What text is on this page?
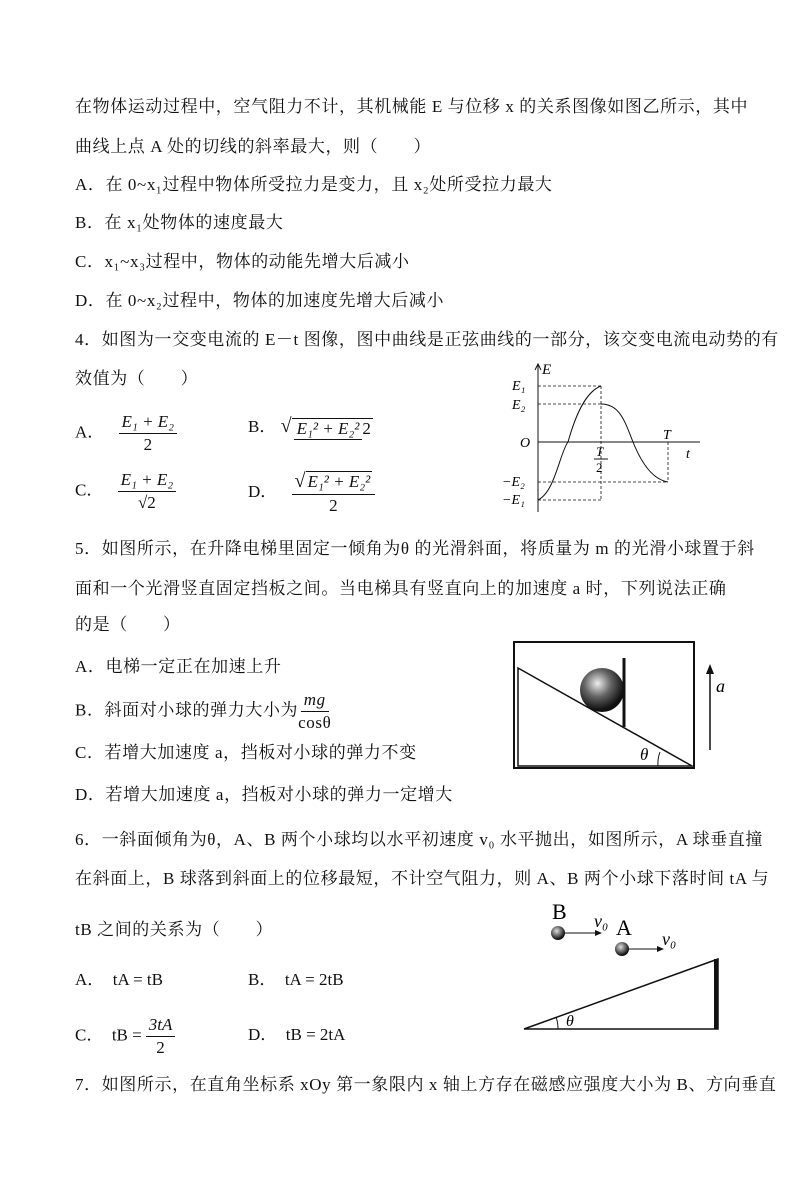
在物体运动过程中，空气阻力不计，其机械能 E 与位移 x 的关系图像如图乙所示，其中
曲线上点 A 处的切线的斜率最大，则（　　）
A．在 0~x₁过程中物体所受拉力是变力，且 x₂处所受拉力最大
B．在 x₁处物体的速度最大
C．x₁~x₃过程中，物体的动能先增大后减小
D．在 0~x₂过程中，物体的加速度先增大后减小
4．如图为一交变电流的 E－t 图像，图中曲线是正弦曲线的一部分，该交变电流电动势的有
效值为（　　）
A． $\frac{\text{E₁ + E₂}}{2}$	B． √ E₁² + E₂² 2
C． $\frac{\text{E₁ + E₂}}{√2}$	D． $\frac{\text{√ E₁² + E₂²}}{2}$
E
E₁
E₂
O
T
T
2
t
−E₂
−E₁
5．如图所示，在升降电梯里固定一倾角为θ 的光滑斜面，将质量为 m 的光滑小球置于斜
面和一个光滑竖直固定挡板之间。当电梯具有竖直向上的加速度 a 时，下列说法正确
的是（　　）
A．电梯一定正在加速上升
B．斜面对小球的弹力大小为 $\frac{mg}{\cos\theta}$
C．若增大加速度 a，挡板对小球的弹力不变
D．若增大加速度 a，挡板对小球的弹力一定增大
θ
a
6．一斜面倾角为θ，A、B 两个小球均以水平初速度 v₀ 水平抛出，如图所示，A 球垂直撞
在斜面上，B 球落到斜面上的位移最短，不计空气阻力，则 A、B 两个小球下落时间 tA 与
tB 之间的关系为（　　）
A．　tA = tB	B．　tA = 2tB
C．　tB = $\frac{3tA}{2}$	D．　tB = 2tA
B v₀ A v₀
θ
7．如图所示，在直角坐标系 xOy 第一象限内 x 轴上方存在磁感应强度大小为 B、方向垂直
